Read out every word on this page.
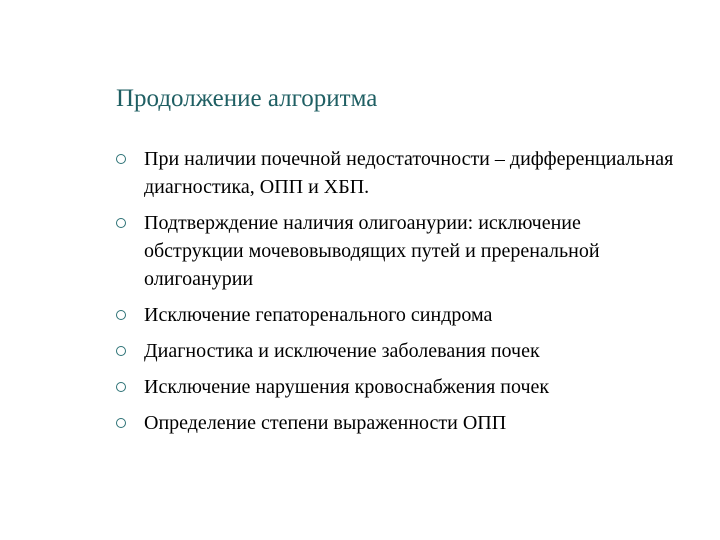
Продолжение алгоритма
При наличии почечной недостаточности – дифференциальная диагностика, ОПП и ХБП.
Подтверждение наличия олигоанурии: исключение обструкции мочевовыводящих путей и преренальной олигоанурии
Исключение гепаторенального синдрома
Диагностика и исключение заболевания почек
Исключение нарушения кровоснабжения почек
Определение степени выраженности ОПП
